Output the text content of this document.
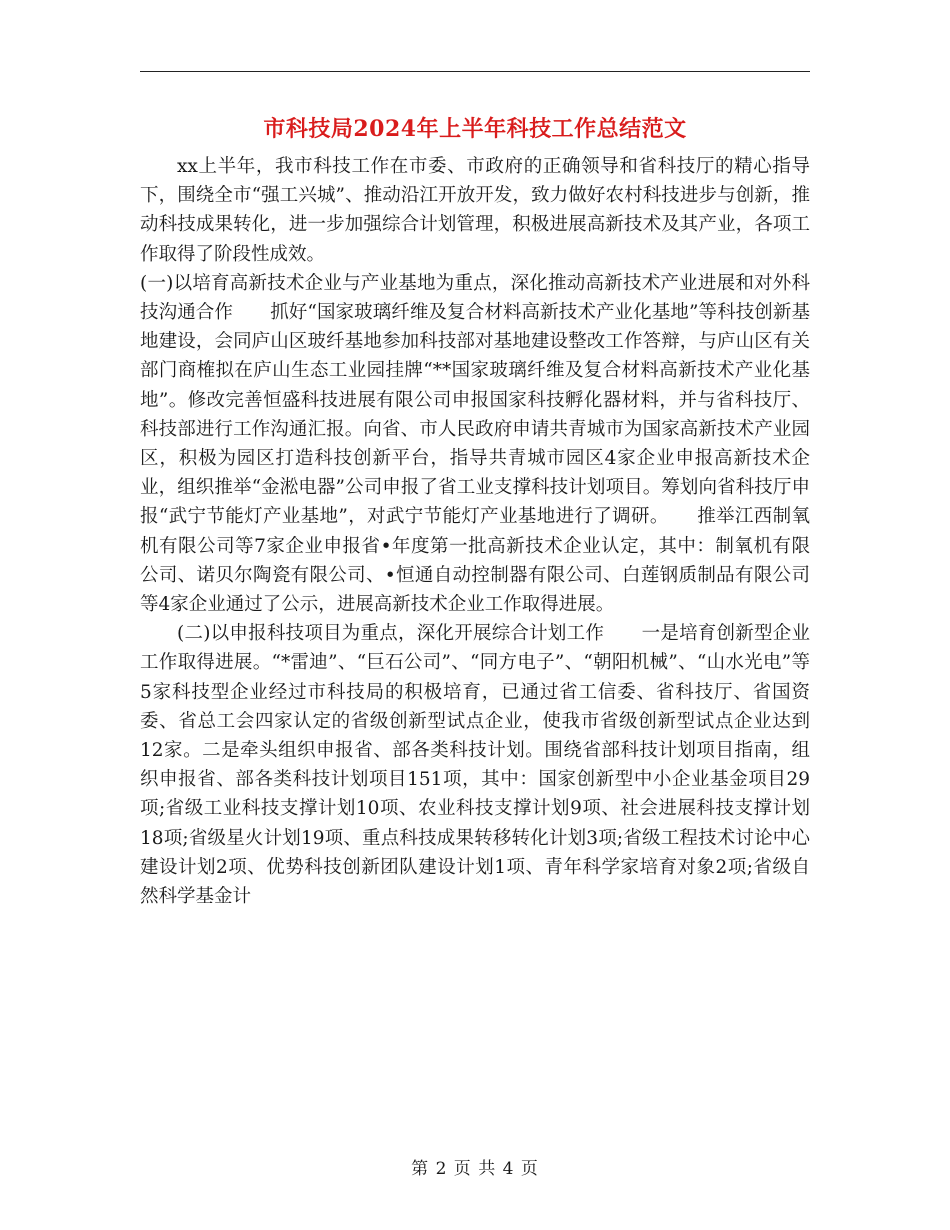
市科技局2024年上半年科技工作总结范文

xx上半年，我市科技工作在市委、市政府的正确领导和省科技厅的精心指导下，围绕全市“强工兴城”、推动沿江开放开发，致力做好农村科技进步与创新，推动科技成果转化，进一步加强综合计划管理，积极进展高新技术及其产业，各项工作取得了阶段性成效。

(一)以培育高新技术企业与产业基地为重点，深化推动高新技术产业进展和对外科技沟通合作　　抓好“国家玻璃纤维及复合材料高新技术产业化基地”等科技创新基地建设，会同庐山区玻纤基地参加科技部对基地建设整改工作答辩，与庐山区有关部门商榷拟在庐山生态工业园挂牌“**国家玻璃纤维及复合材料高新技术产业化基地”。修改完善恒盛科技进展有限公司申报国家科技孵化器材料，并与省科技厅、科技部进行工作沟通汇报。向省、市人民政府申请共青城市为国家高新技术产业园区，积极为园区打造科技创新平台，指导共青城市园区4家企业申报高新技术企业，组织推举“金淞电器”公司申报了省工业支撑科技计划项目。筹划向省科技厅申报“武宁节能灯产业基地”，对武宁节能灯产业基地进行了调研。　　推举江西制氧机有限公司等7家企业申报省•年度第一批高新技术企业认定，其中：制氧机有限公司、诺贝尔陶瓷有限公司、•恒通自动控制器有限公司、白莲钢质制品有限公司等4家企业通过了公示，进展高新技术企业工作取得进展。

(二)以申报科技项目为重点，深化开展综合计划工作　　一是培育创新型企业工作取得进展。“*雷迪”、“巨石公司”、“同方电子”、“朝阳机械”、“山水光电”等5家科技型企业经过市科技局的积极培育，已通过省工信委、省科技厅、省国资委、省总工会四家认定的省级创新型试点企业，使我市省级创新型试点企业达到12家。二是牵头组织申报省、部各类科技计划。围绕省部科技计划项目指南，组织申报省、部各类科技计划项目151项，其中：国家创新型中小企业基金项目29项;省级工业科技支撑计划10项、农业科技支撑计划9项、社会进展科技支撑计划18项;省级星火计划19项、重点科技成果转移转化计划3项;省级工程技术讨论中心建设计划2项、优势科技创新团队建设计划1项、青年科学家培育对象2项;省级自然科学基金计

第 2 页 共 4 页
